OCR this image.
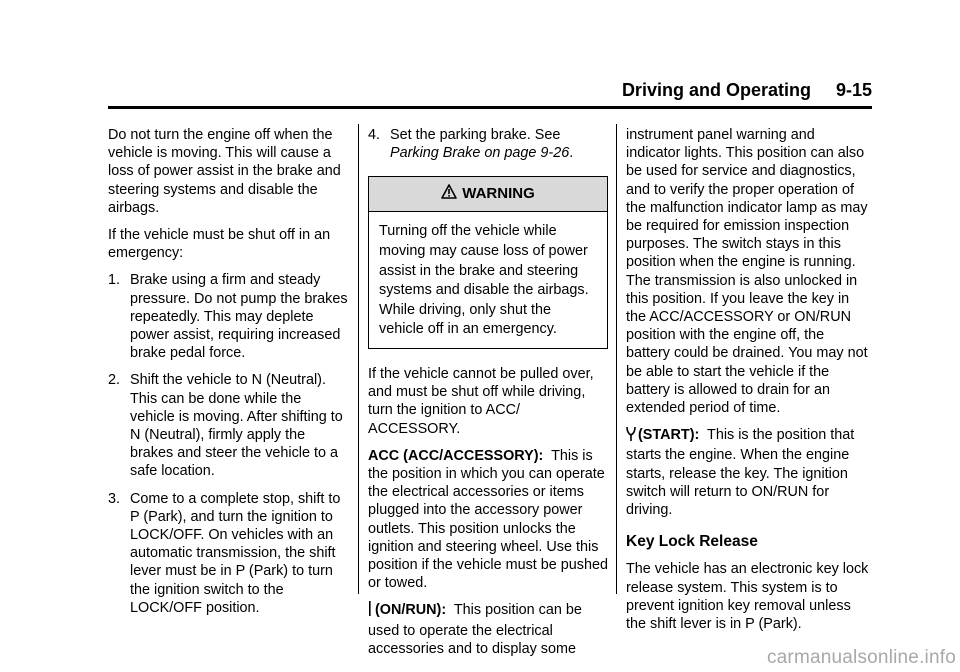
Driving and Operating     9-15

Do not turn the engine off when the vehicle is moving. This will cause a loss of power assist in the brake and steering systems and disable the airbags.

If the vehicle must be shut off in an emergency:

1. Brake using a firm and steady pressure. Do not pump the brakes repeatedly. This may deplete power assist, requiring increased brake pedal force.
2. Shift the vehicle to N (Neutral). This can be done while the vehicle is moving. After shifting to N (Neutral), firmly apply the brakes and steer the vehicle to a safe location.
3. Come to a complete stop, shift to P (Park), and turn the ignition to LOCK/OFF. On vehicles with an automatic transmission, the shift lever must be in P (Park) to turn the ignition switch to the LOCK/OFF position.
4. Set the parking brake. See
Parking Brake on page 9-26.
WARNING
Turning off the vehicle while moving may cause loss of power assist in the brake and steering systems and disable the airbags. While driving, only shut the vehicle off in an emergency.

If the vehicle cannot be pulled over, and must be shut off while driving, turn the ignition to ACC/ ACCESSORY.

ACC (ACC/ACCESSORY): This is the position in which you can operate the electrical accessories or items plugged into the accessory power outlets. This position unlocks the ignition and steering wheel. Use this position if the vehicle must be pushed or towed.

(ON/RUN): This position can be used to operate the electrical accessories and to display some

instrument panel warning and indicator lights. This position can also be used for service and diagnostics, and to verify the proper operation of the malfunction indicator lamp as may be required for emission inspection purposes. The switch stays in this position when the engine is running. The transmission is also unlocked in this position. If you leave the key in the ACC/ACCESSORY or ON/RUN position with the engine off, the battery could be drained. You may not be able to start the vehicle if the battery is allowed to drain for an extended period of time.

(START): This is the position that starts the engine. When the engine starts, release the key. The ignition switch will return to ON/RUN for driving.

Key Lock Release

The vehicle has an electronic key lock release system. This system is to prevent ignition key removal unless the shift lever is in P (Park).

carmanualsonline.info
